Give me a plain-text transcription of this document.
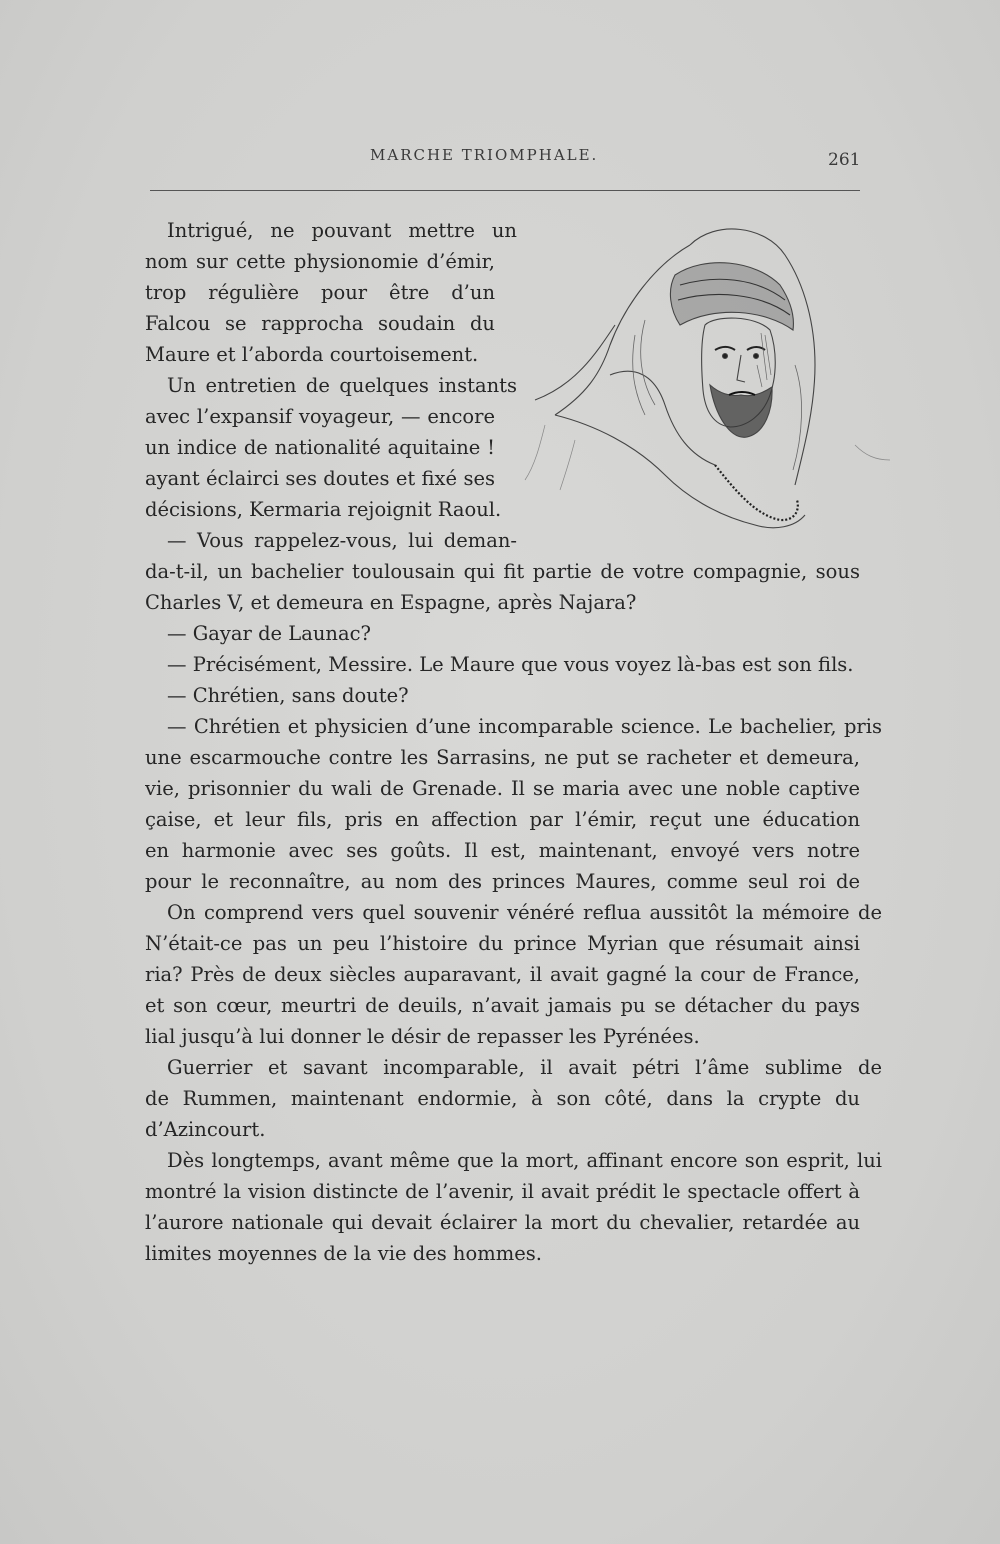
MARCHE TRIOMPHALE.	261
Intrigué, ne pouvant mettre un
nom sur cette physionomie d’émir,
trop régulière pour être d’un
Falcou se rapprocha soudain du
Maure et l’aborda courtoisement.
Un entretien de quelques instants
avec l’expansif voyageur, — encore
un indice de nationalité aquitaine !
ayant éclairci ses doutes et fixé ses
décisions, Kermaria rejoignit Raoul.
— Vous rappelez-vous, lui deman-
da-t-il, un bachelier toulousain qui fit partie de votre compagnie, sous
Charles V, et demeura en Espagne, après Najara?
— Gayar de Launac?
— Précisément, Messire. Le Maure que vous voyez là-bas est son fils.
— Chrétien, sans doute?
— Chrétien et physicien d’une incomparable science. Le bachelier, pris
une escarmouche contre les Sarrasins, ne put se racheter et demeura,
vie, prisonnier du wali de Grenade. Il se maria avec une noble captive
çaise, et leur fils, pris en affection par l’émir, reçut une éducation
en harmonie avec ses goûts. Il est, maintenant, envoyé vers notre
pour le reconnaître, au nom des princes Maures, comme seul roi de
On comprend vers quel souvenir vénéré reflua aussitôt la mémoire de
N’était-ce pas un peu l’histoire du prince Myrian que résumait ainsi
ria? Près de deux siècles auparavant, il avait gagné la cour de France,
et son cœur, meurtri de deuils, n’avait jamais pu se détacher du pays
lial jusqu’à lui donner le désir de repasser les Pyrénées.
Guerrier et savant incomparable, il avait pétri l’âme sublime de
de Rummen, maintenant endormie, à son côté, dans la crypte du
d’Azincourt.
Dès longtemps, avant même que la mort, affinant encore son esprit, lui
montré la vision distincte de l’avenir, il avait prédit le spectacle offert à
l’aurore nationale qui devait éclairer la mort du chevalier, retardée au
limites moyennes de la vie des hommes.
